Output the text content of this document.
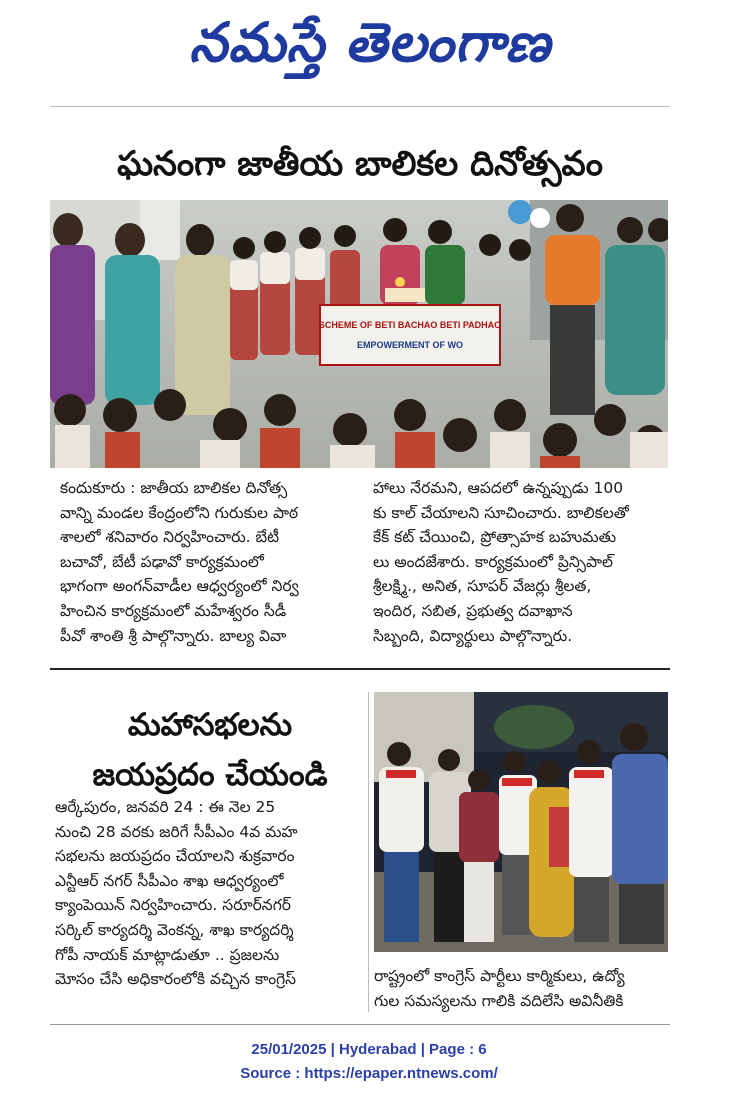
నమస్తే తెలంగాణ
ఘనంగా జాతీయ బాలికల దినోత్సవం
SCHEME OF BETI BACHAO BETI PADHAO
EMPOWERMENT OF WO
కందుకూరు : జాతీయ బాలికల దినోత్స
వాన్ని మండల కేంద్రంలోని గురుకుల పాఠ
శాలలో శనివారం నిర్వహించారు. బేటీ
బచావో, బేటీ పఢావో కార్యక్రమంలో
భాగంగా అంగన్‌వాడీల ఆధ్వర్యంలో నిర్వ
హించిన కార్యక్రమంలో మహేశ్వరం సీడీ
పీవో శాంతి శ్రీ పాల్గొన్నారు. బాల్య వివా
హాలు నేరమని, ఆపదలో ఉన్నప్పుడు 100
కు కాల్ చేయాలని సూచించారు. బాలికలతో
కేక్ కట్ చేయించి, ప్రోత్సాహక బహుమతు
లు అందజేశారు. కార్యక్రమంలో ప్రిన్సిపాల్
శ్రీలక్ష్మి., అనిత, సూపర్ వేజర్లు శ్రీలత,
ఇందిర, సబిత, ప్రభుత్వ దవాఖాన
సిబ్బంది, విద్యార్థులు పాల్గొన్నారు.
మహాసభలను
జయప్రదం చేయండి
ఆర్కేపురం, జనవరి 24 : ఈ నెల 25
నుంచి 28 వరకు జరిగే సీపీఎం 4వ మహ
సభలను జయప్రదం చేయాలని శుక్రవారం
ఎన్టీఆర్ నగర్ సీపీఎం శాఖ ఆధ్వర్యంలో
క్యాంపెయిన్ నిర్వహించారు. సరూర్‌నగర్
సర్కిల్ కార్యదర్శి వెంకన్న, శాఖ కార్యదర్శి
గోపీ నాయక్ మాట్లాడుతూ .. ప్రజలను
మోసం చేసి అధికారంలోకి వచ్చిన కాంగ్రెస్	రాష్ట్రంలో కాంగ్రెస్ పార్టీలు కార్మికులు, ఉద్యో
గుల సమస్యలను గాలికి వదిలేసి అవినీతికి
25/01/2025 | Hyderabad | Page : 6
Source : https://epaper.ntnews.com/
